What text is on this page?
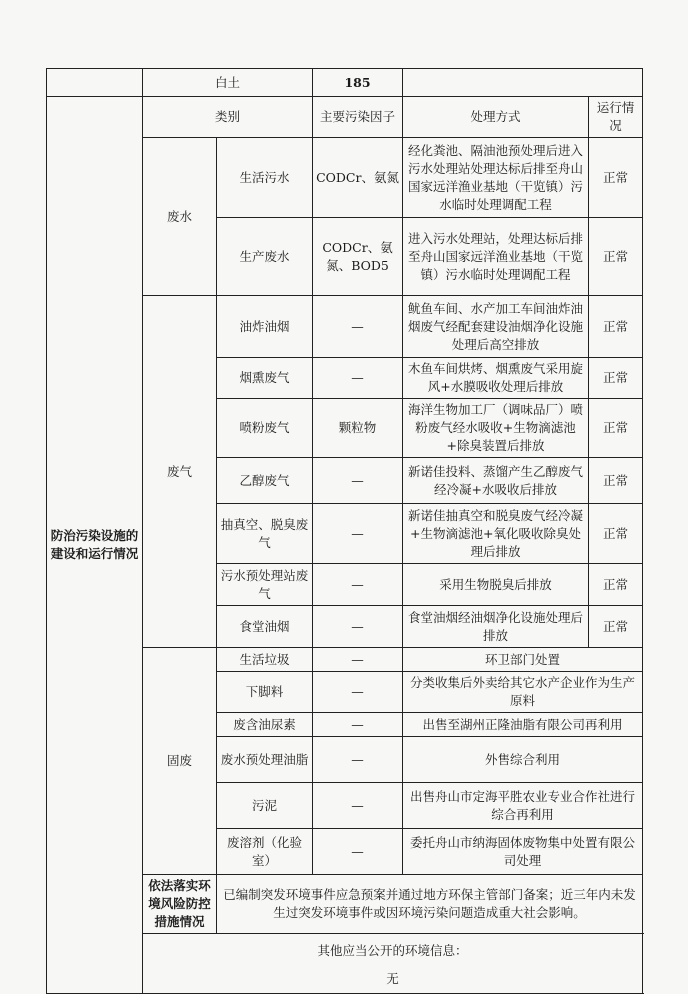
	白土		185		
防治污染设施的建设和运行情况	类别		主要污染因子	处理方式	运行情况
	废水	生活污水	CODCr、氨氮	经化粪池、隔油池预处理后进入污水处理站处理达标后排至舟山国家远洋渔业基地（干览镇）污水临时处理调配工程	正常
		生产废水	CODCr、氨氮、BOD5	进入污水处理站，处理达标后排至舟山国家远洋渔业基地（干览镇）污水临时处理调配工程	正常
	废气	油炸油烟	—	鱿鱼车间、水产加工车间油炸油烟废气经配套建设油烟净化设施处理后高空排放	正常
		烟熏废气	—	木鱼车间烘烤、烟熏废气采用旋风+水膜吸收处理后排放	正常
		喷粉废气	颗粒物	海洋生物加工厂（调味品厂）喷粉废气经水吸收+生物滴滤池+除臭装置后排放	正常
		乙醇废气	—	新诺佳投料、蒸馏产生乙醇废气经冷凝+水吸收后排放	正常
		抽真空、脱臭废气	—	新诺佳抽真空和脱臭废气经冷凝+生物滴滤池+氧化吸收除臭处理后排放	正常
		污水预处理站废气	—	采用生物脱臭后排放	正常
		食堂油烟	—	食堂油烟经油烟净化设施处理后排放	正常
	固废	生活垃圾	—	环卫部门处置	
		下脚料	—	分类收集后外卖给其它水产企业作为生产原料	
		废含油尿素	—	出售至湖州正隆油脂有限公司再利用	
		废水预处理油脂	—	外售综合利用	
		污泥	—	出售舟山市定海平胜农业专业合作社进行综合再利用	
		废溶剂（化验室）	—	委托舟山市纳海固体废物集中处置有限公司处理	
	依法落实环境风险防控措施情况	已编制突发环境事件应急预案并通过地方环保主管部门备案；近三年内未发生过突发环境事件或因环境污染问题造成重大社会影响。			

	其他应当公开的环境信息：
无				
